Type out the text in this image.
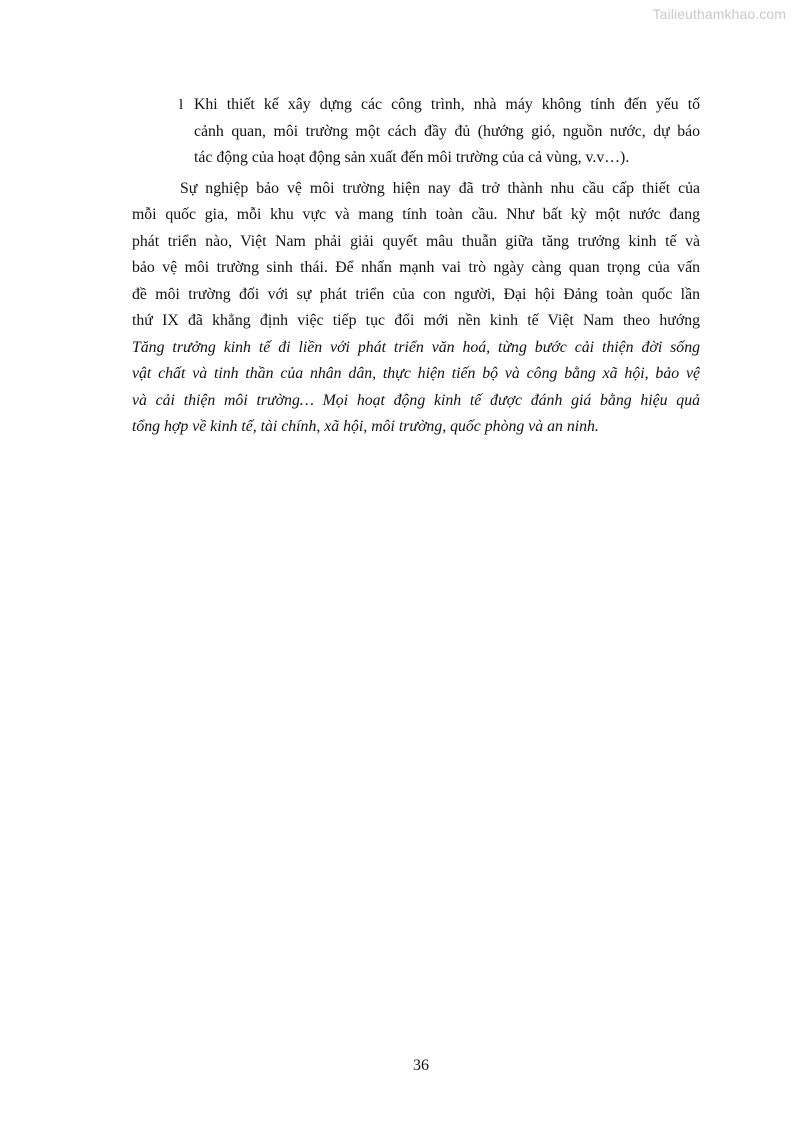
Tailieuthamkhao.com
l Khi thiết kế xây dựng các công trình, nhà máy không tính đến yếu tố
cảnh quan, môi trường một cách đầy đủ (hướng gió, nguồn nước, dự báo
tác động của hoạt động sản xuất đến môi trường của cả vùng, v.v…).
Sự nghiệp bảo vệ môi trường hiện nay đã trở thành nhu cầu cấp thiết của
mỗi quốc gia, mỗi khu vực và mang tính toàn cầu. Như bất kỳ một nước đang
phát triển nào, Việt Nam phải giải quyết mâu thuẫn giữa tăng trưởng kinh tế và
bảo vệ môi trường sinh thái. Để nhấn mạnh vai trò ngày càng quan trọng của vấn
đề môi trường đối với sự phát triển của con người, Đại hội Đảng toàn quốc lần
thứ IX đã khẳng định việc tiếp tục đổi mới nền kinh tế Việt Nam theo hướng
Tăng trưởng kinh tế đi liền với phát triển văn hoá, từng bước cải thiện đời sống
vật chất và tinh thần của nhân dân, thực hiện tiến bộ và công bằng xã hội, bảo vệ
và cải thiện môi trường… Mọi hoạt động kinh tế được đánh giá bằng hiệu quả
tổng hợp về kinh tế, tài chính, xã hội, môi trường, quốc phòng và an ninh.
36
